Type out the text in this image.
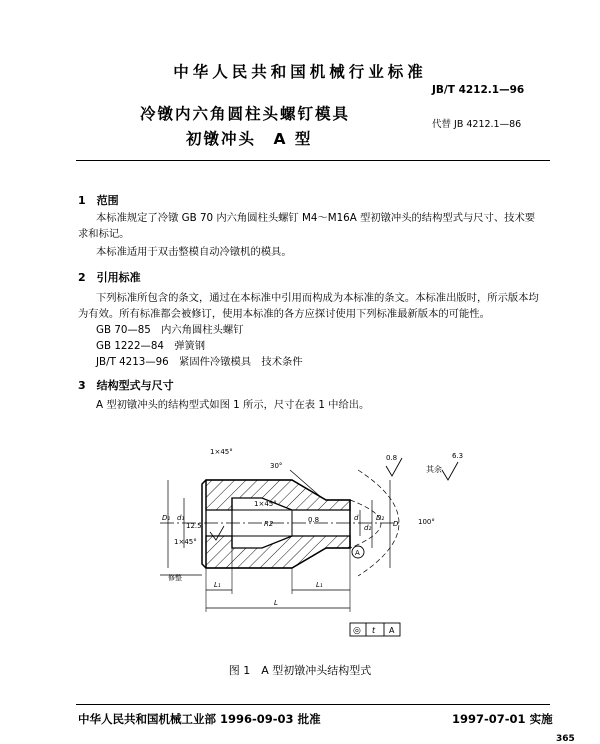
中华人民共和国机械行业标准
JB/T 4212.1—96
冷镦内六角圆柱头螺钉模具
初镦冲头　A 型
代替 JB 4212.1—86
1　范围
本标准规定了冷镦 GB 70 内六角圆柱头螺钉 M4～M16A 型初镦冲头的结构型式与尺寸、技术要
求和标记。
本标准适用于双击整模自动冷镦机的模具。
2　引用标准
下列标准所包含的条文，通过在本标准中引用而构成为本标准的条文。本标准出版时，所示版本均
为有效。所有标准都会被修订，使用本标准的各方应探讨使用下列标准最新版本的可能性。
GB 70—85　内六角圆柱头螺钉
GB 1222—84　弹簧钢
JB/T 4213—96　紧固件冷镦模具　技术条件
3　结构型式与尺寸
A 型初镦冲头的结构型式如图 1 所示，尺寸在表 1 中给出。
1×45°
30°
0.8	6.3
其余
1×45°
R2	0.8
12.5
1×45°
100°
A
修整
D₁ d₁	d
d₂
D₂
D
L₁	L₁
L
◎ t A
图 1　A 型初镦冲头结构型式
中华人民共和国机械工业部 1996-09-03 批准	1997-07-01 实施
365
